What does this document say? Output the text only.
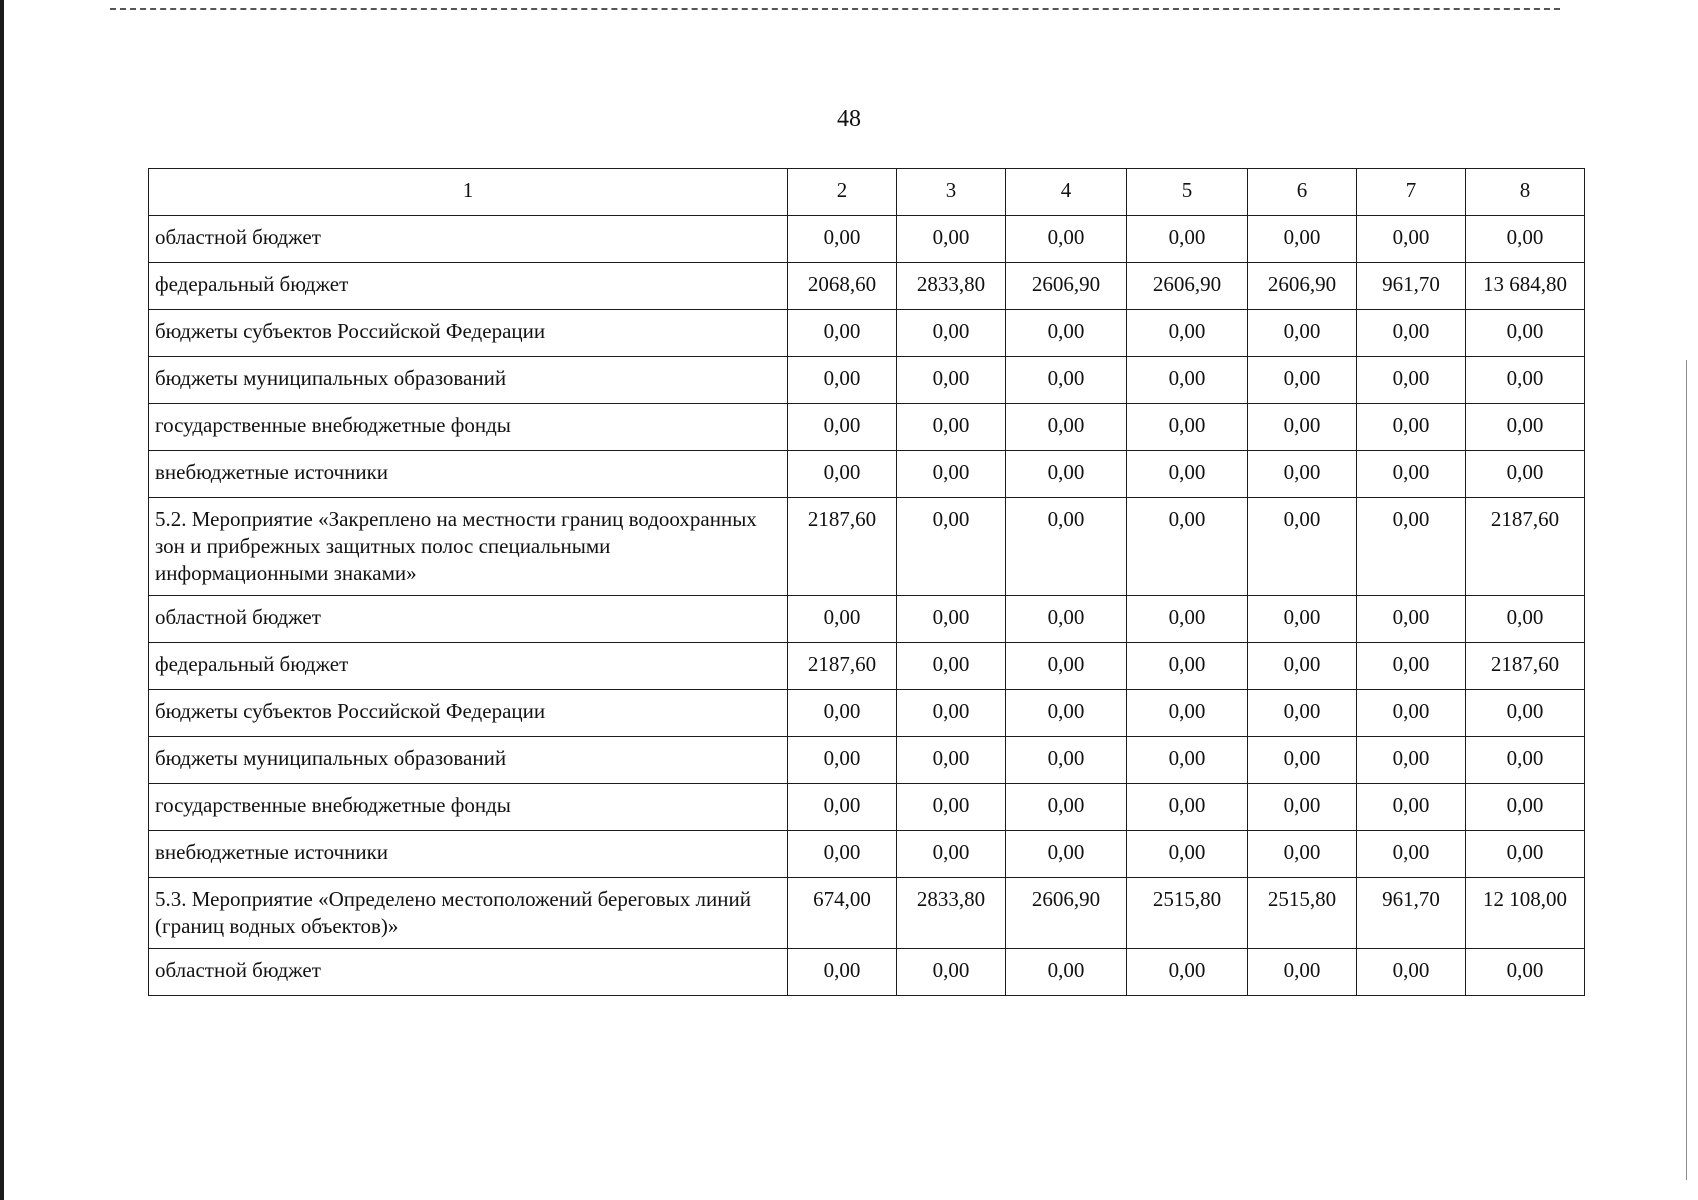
48
1	2	3	4	5	6	7	8
областной бюджет	0,00	0,00	0,00	0,00	0,00	0,00	0,00
федеральный бюджет	2068,60	2833,80	2606,90	2606,90	2606,90	961,70	13 684,80
бюджеты субъектов Российской Федерации	0,00	0,00	0,00	0,00	0,00	0,00	0,00
бюджеты муниципальных образований	0,00	0,00	0,00	0,00	0,00	0,00	0,00
государственные внебюджетные фонды	0,00	0,00	0,00	0,00	0,00	0,00	0,00
внебюджетные источники	0,00	0,00	0,00	0,00	0,00	0,00	0,00
5.2. Мероприятие «Закреплено на местности границ водоохранных зон и прибрежных защитных полос специальными информационными знаками»	2187,60	0,00	0,00	0,00	0,00	0,00	2187,60
областной бюджет	0,00	0,00	0,00	0,00	0,00	0,00	0,00
федеральный бюджет	2187,60	0,00	0,00	0,00	0,00	0,00	2187,60
бюджеты субъектов Российской Федерации	0,00	0,00	0,00	0,00	0,00	0,00	0,00
бюджеты муниципальных образований	0,00	0,00	0,00	0,00	0,00	0,00	0,00
государственные внебюджетные фонды	0,00	0,00	0,00	0,00	0,00	0,00	0,00
внебюджетные источники	0,00	0,00	0,00	0,00	0,00	0,00	0,00
5.3. Мероприятие «Определено местоположений береговых линий (границ водных объектов)»	674,00	2833,80	2606,90	2515,80	2515,80	961,70	12 108,00
областной бюджет	0,00	0,00	0,00	0,00	0,00	0,00	0,00
